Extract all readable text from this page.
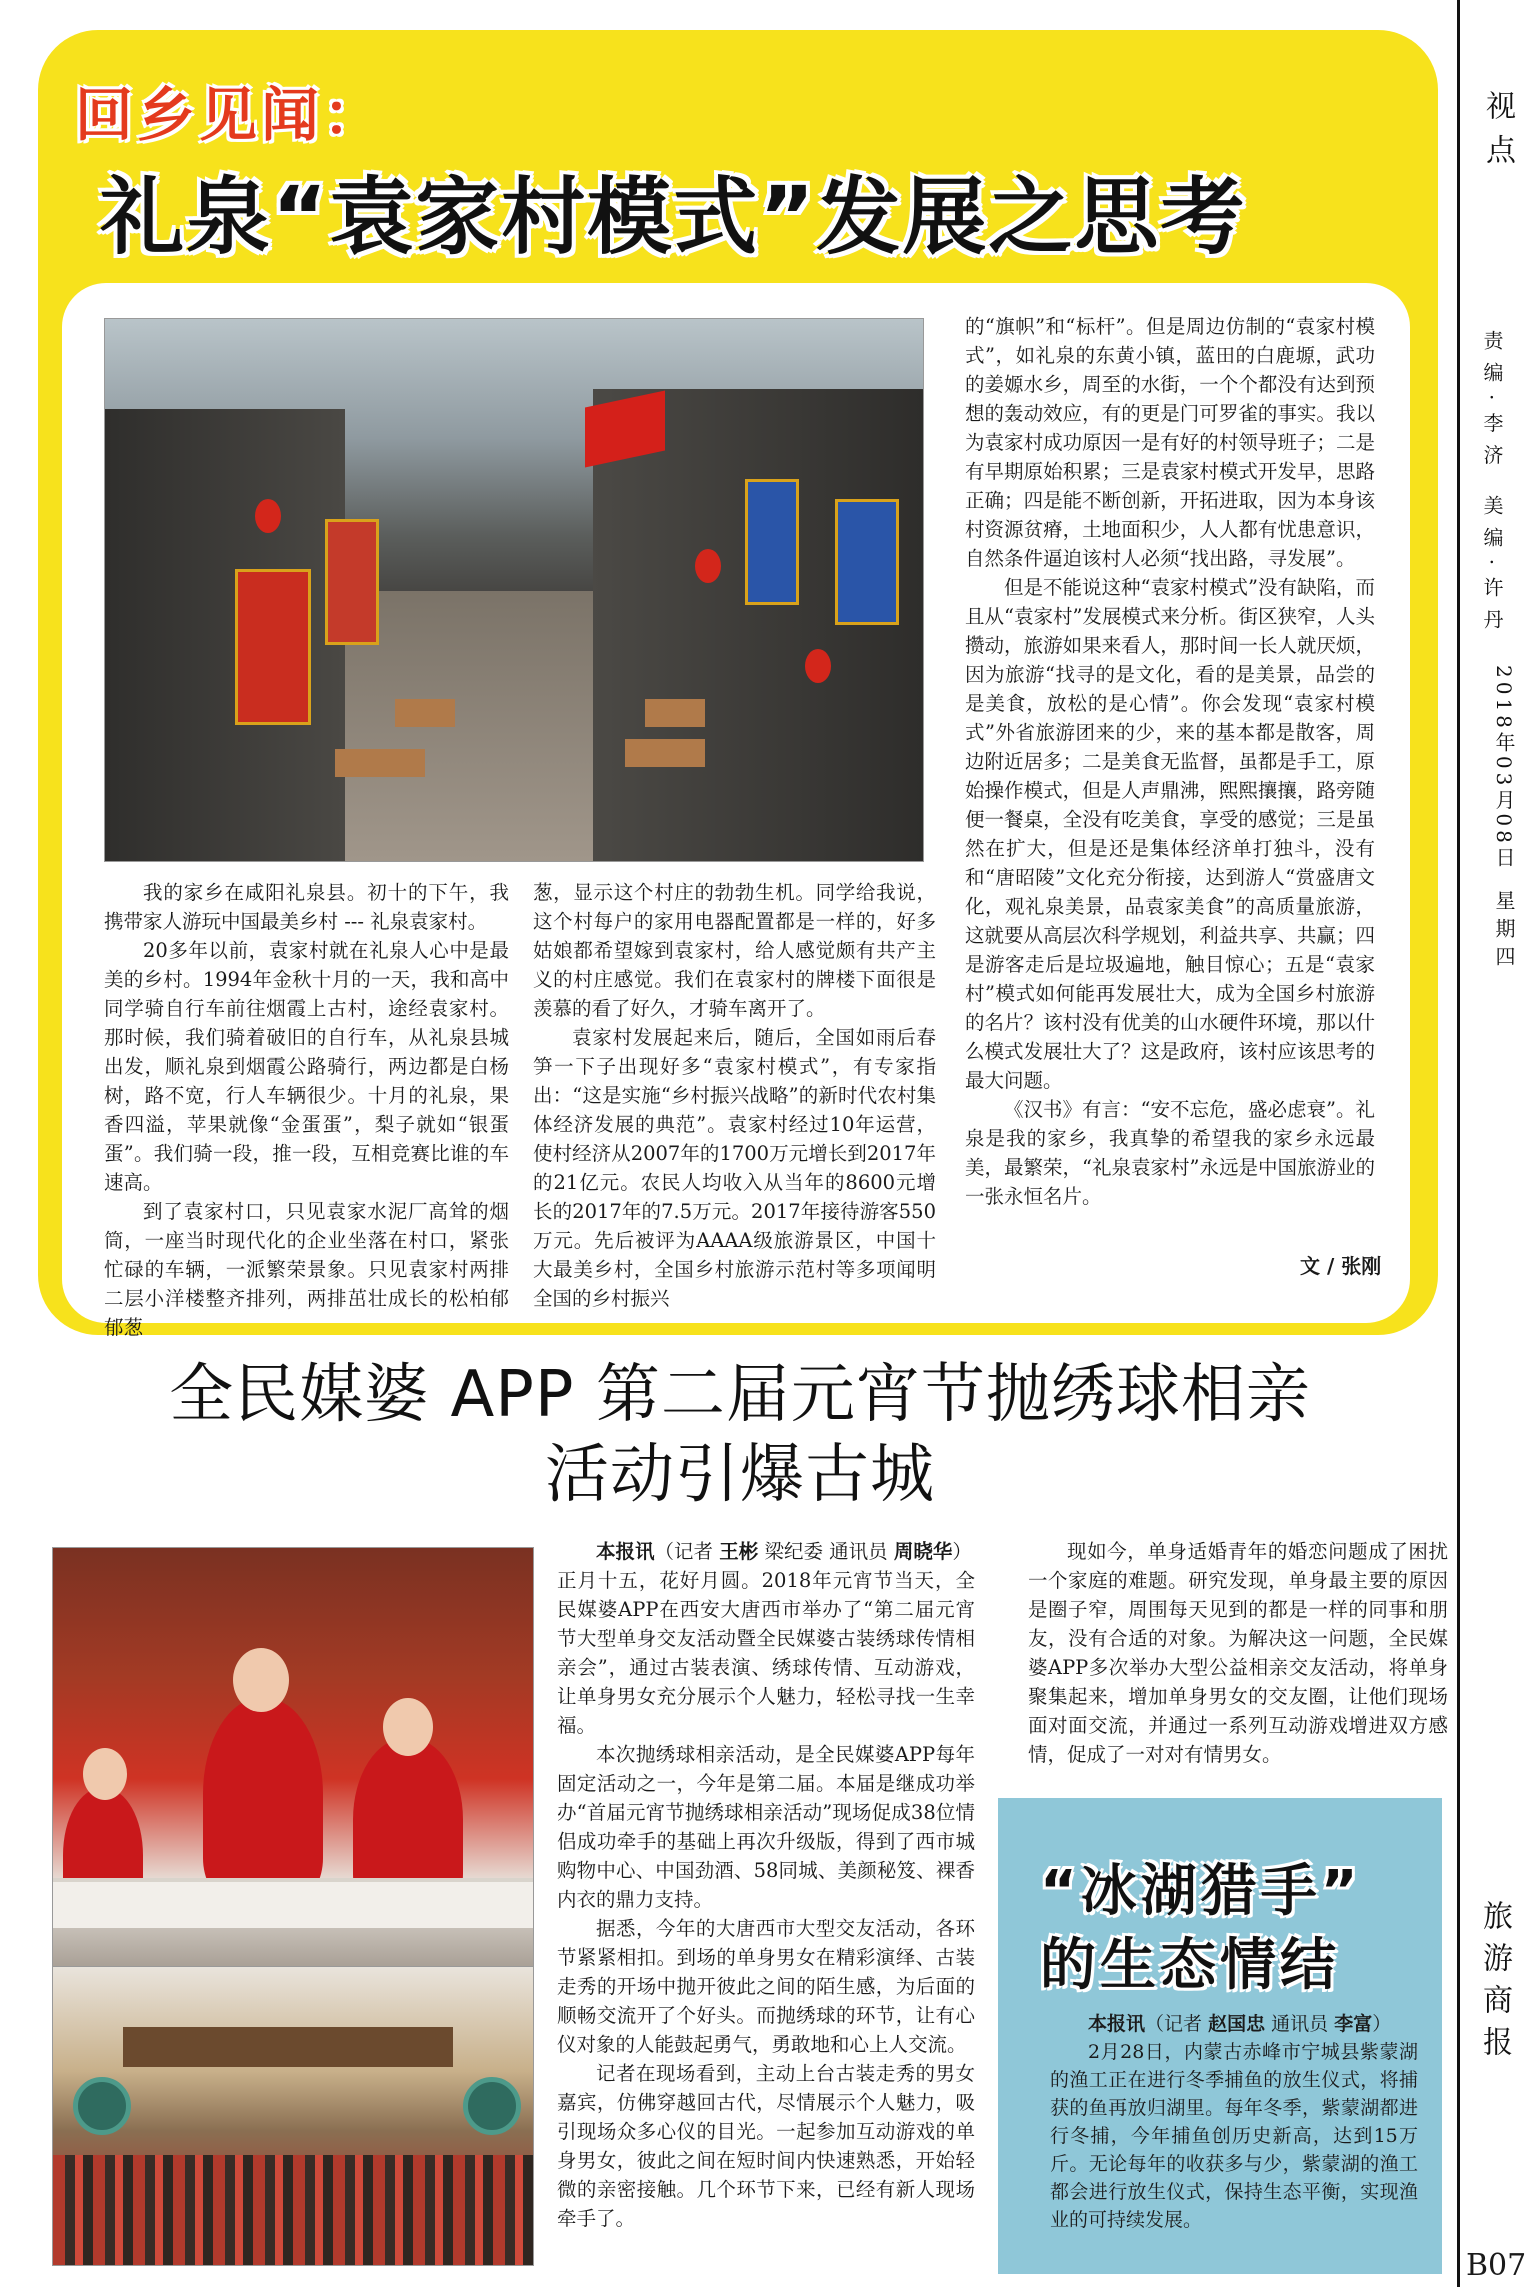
视点
责编·李济 美编·许丹
2018年03月08日
星期四
旅游商报
B07
回乡见闻：
礼泉“袁家村模式”发展之思考

我的家乡在咸阳礼泉县。初十的下午，我携带家人游玩中国最美乡村 --- 礼泉袁家村。

20多年以前，袁家村就在礼泉人心中是最美的乡村。1994年金秋十月的一天，我和高中同学骑自行车前往烟霞上古村，途经袁家村。那时候，我们骑着破旧的自行车，从礼泉县城出发，顺礼泉到烟霞公路骑行，两边都是白杨树，路不宽，行人车辆很少。十月的礼泉，果香四溢，苹果就像“金蛋蛋”，梨子就如“银蛋蛋”。我们骑一段，推一段，互相竞赛比谁的车速高。

到了袁家村口，只见袁家水泥厂高耸的烟筒，一座当时现代化的企业坐落在村口，紧张忙碌的车辆，一派繁荣景象。只见袁家村两排二层小洋楼整齐排列，两排茁壮成长的松柏郁郁葱

葱，显示这个村庄的勃勃生机。同学给我说，这个村每户的家用电器配置都是一样的，好多姑娘都希望嫁到袁家村，给人感觉颇有共产主义的村庄感觉。我们在袁家村的牌楼下面很是羡慕的看了好久，才骑车离开了。

袁家村发展起来后，随后，全国如雨后春笋一下子出现好多“袁家村模式”，有专家指出：“这是实施“乡村振兴战略”的新时代农村集体经济发展的典范”。袁家村经过10年运营，使村经济从2007年的1700万元增长到2017年的21亿元。农民人均收入从当年的8600元增长的2017年的7.5万元。2017年接待游客550万元。先后被评为AAAA级旅游景区，中国十大最美乡村，全国乡村旅游示范村等多项闻明全国的乡村振兴

的“旗帜”和“标杆”。但是周边仿制的“袁家村模式”，如礼泉的东黄小镇，蓝田的白鹿塬，武功的姜嫄水乡，周至的水街，一个个都没有达到预想的轰动效应，有的更是门可罗雀的事实。我以为袁家村成功原因一是有好的村领导班子；二是有早期原始积累；三是袁家村模式开发早，思路正确；四是能不断创新，开拓进取，因为本身该村资源贫瘠，土地面积少，人人都有忧患意识，自然条件逼迫该村人必须“找出路，寻发展”。

但是不能说这种“袁家村模式”没有缺陷，而且从“袁家村”发展模式来分析。街区狭窄，人头攒动，旅游如果来看人，那时间一长人就厌烦，因为旅游“找寻的是文化，看的是美景，品尝的是美食，放松的是心情”。你会发现“袁家村模式”外省旅游团来的少，来的基本都是散客，周边附近居多；二是美食无监督，虽都是手工，原始操作模式，但是人声鼎沸，熙熙攘攘，路旁随便一餐桌，全没有吃美食，享受的感觉；三是虽然在扩大，但是还是集体经济单打独斗，没有和“唐昭陵”文化充分衔接，达到游人“赏盛唐文化，观礼泉美景，品袁家美食”的高质量旅游，这就要从高层次科学规划，利益共享、共赢；四是游客走后是垃圾遍地，触目惊心；五是“袁家村”模式如何能再发展壮大，成为全国乡村旅游的名片？该村没有优美的山水硬件环境，那以什么模式发展壮大了？这是政府，该村应该思考的最大问题。

《汉书》有言：“安不忘危，盛必虑衰”。礼泉是我的家乡，我真挚的希望我的家乡永远最美，最繁荣，“礼泉袁家村”永远是中国旅游业的一张永恒名片。

文 / 张刚
全民媒婆 APP 第二届元宵节抛绣球相亲
活动引爆古城

本报讯（记者 王彬 梁纪委 通讯员 周晓华）

正月十五，花好月圆。2018年元宵节当天，全民媒婆APP在西安大唐西市举办了“第二届元宵节大型单身交友活动暨全民媒婆古装绣球传情相亲会”，通过古装表演、绣球传情、互动游戏，让单身男女充分展示个人魅力，轻松寻找一生幸福。

本次抛绣球相亲活动，是全民媒婆APP每年固定活动之一，今年是第二届。本届是继成功举办“首届元宵节抛绣球相亲活动”现场促成38位情侣成功牵手的基础上再次升级版，得到了西市城购物中心、中国劲酒、58同城、美颜秘笈、裸香内衣的鼎力支持。

据悉，今年的大唐西市大型交友活动，各环节紧紧相扣。到场的单身男女在精彩演绎、古装走秀的开场中抛开彼此之间的陌生感，为后面的顺畅交流开了个好头。而抛绣球的环节，让有心仪对象的人能鼓起勇气，勇敢地和心上人交流。

记者在现场看到，主动上台古装走秀的男女嘉宾，仿佛穿越回古代，尽情展示个人魅力，吸引现场众多心仪的目光。一起参加互动游戏的单身男女，彼此之间在短时间内快速熟悉，开始轻微的亲密接触。几个环节下来，已经有新人现场牵手了。

现如今，单身适婚青年的婚恋问题成了困扰一个家庭的难题。研究发现，单身最主要的原因是圈子窄，周围每天见到的都是一样的同事和朋友，没有合适的对象。为解决这一问题，全民媒婆APP多次举办大型公益相亲交友活动，将单身聚集起来，增加单身男女的交友圈，让他们现场面对面交流，并通过一系列互动游戏增进双方感情，促成了一对对有情男女。

“冰湖猎手”
的生态情结

本报讯（记者 赵国忠 通讯员 李富）

2月28日，内蒙古赤峰市宁城县紫蒙湖的渔工正在进行冬季捕鱼的放生仪式，将捕获的鱼再放归湖里。每年冬季，紫蒙湖都进行冬捕，今年捕鱼创历史新高，达到15万斤。无论每年的收获多与少，紫蒙湖的渔工都会进行放生仪式，保持生态平衡，实现渔业的可持续发展。
